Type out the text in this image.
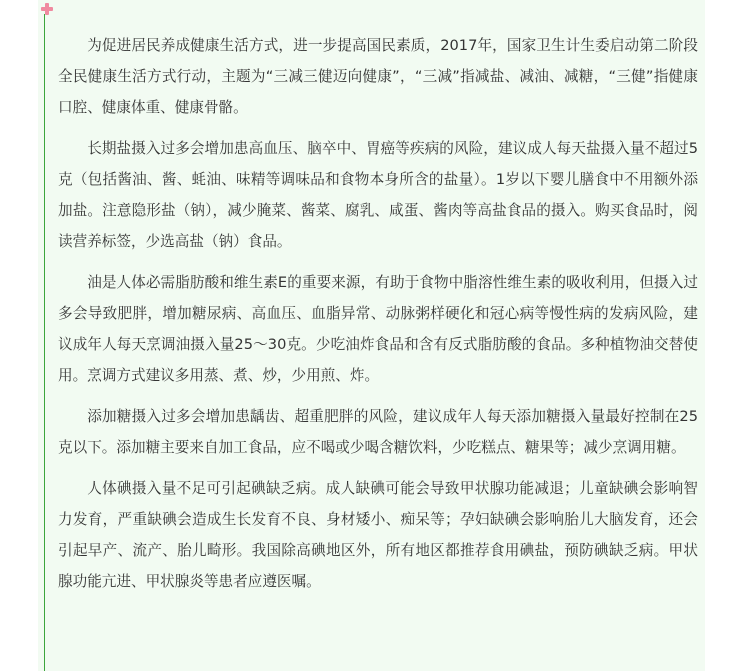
为促进居民养成健康生活方式，进一步提高国民素质，2017年，国家卫生计生委启动第二阶段全民健康生活方式行动，主题为“三减三健迈向健康”，“三减”指减盐、减油、减糖，“三健”指健康口腔、健康体重、健康骨骼。

长期盐摄入过多会增加患高血压、脑卒中、胃癌等疾病的风险，建议成人每天盐摄入量不超过5克（包括酱油、酱、蚝油、味精等调味品和食物本身所含的盐量）。1岁以下婴儿膳食中不用额外添加盐。注意隐形盐（钠），减少腌菜、酱菜、腐乳、咸蛋、酱肉等高盐食品的摄入。购买食品时，阅读营养标签，少选高盐（钠）食品。

油是人体必需脂肪酸和维生素E的重要来源，有助于食物中脂溶性维生素的吸收利用，但摄入过多会导致肥胖，增加糖尿病、高血压、血脂异常、动脉粥样硬化和冠心病等慢性病的发病风险，建议成年人每天烹调油摄入量25～30克。少吃油炸食品和含有反式脂肪酸的食品。多种植物油交替使用。烹调方式建议多用蒸、煮、炒，少用煎、炸。

添加糖摄入过多会增加患龋齿、超重肥胖的风险，建议成年人每天添加糖摄入量最好控制在25克以下。添加糖主要来自加工食品，应不喝或少喝含糖饮料，少吃糕点、糖果等；减少烹调用糖。

人体碘摄入量不足可引起碘缺乏病。成人缺碘可能会导致甲状腺功能减退；儿童缺碘会影响智力发育，严重缺碘会造成生长发育不良、身材矮小、痴呆等；孕妇缺碘会影响胎儿大脑发育，还会引起早产、流产、胎儿畸形。我国除高碘地区外，所有地区都推荐食用碘盐，预防碘缺乏病。甲状腺功能亢进、甲状腺炎等患者应遵医嘱。
